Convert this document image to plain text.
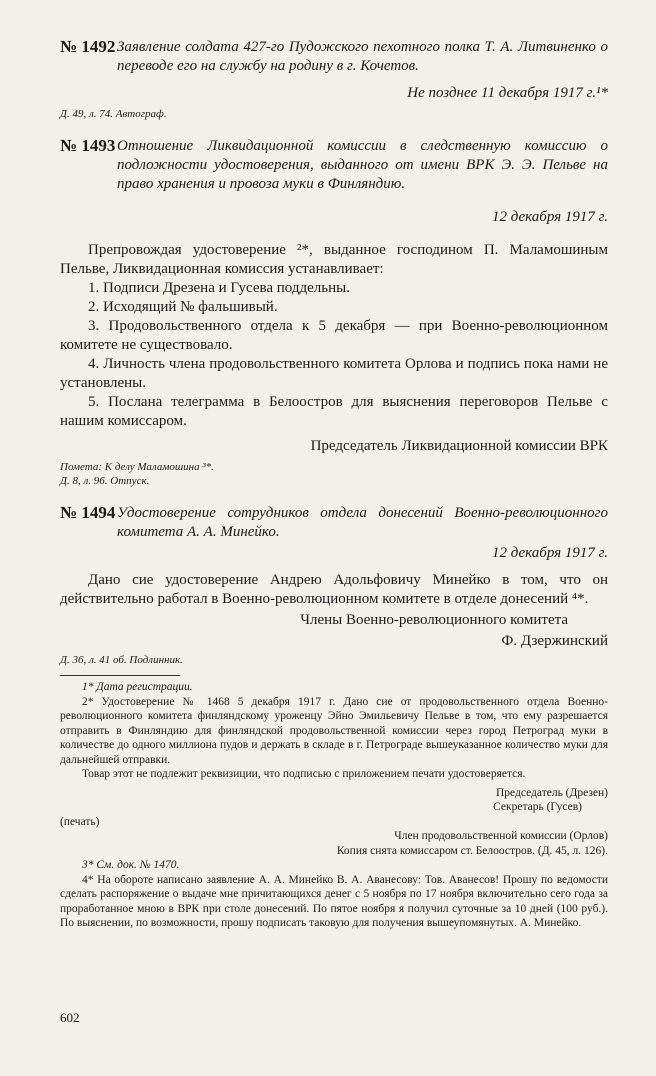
№ 1492 Заявление солдата 427-го Пудожского пехотного полка Т. А. Литвиненко о переводе его на службу на родину в г. Кочетов.

Не позднее 11 декабря 1917 г.¹*

Д. 49, л. 74. Автограф.

№ 1493 Отношение Ликвидационной комиссии в следственную комиссию о подложности удостоверения, выданного от имени ВРК Э. Э. Пельве на право хранения и провоза муки в Финляндию.

12 декабря 1917 г.

Препровождая удостоверение ²*, выданное господином П. Маламошиным Пельве, Ликвидационная комиссия устанавливает:

1. Подписи Дрезена и Гусева поддельны.
2. Исходящий № фальшивый.
3. Продовольственного отдела к 5 декабря — при Военно-революционном комитете не существовало.
4. Личность члена продовольственного комитета Орлова и подпись пока нами не установлены.
5. Послана телеграмма в Белоостров для выяснения переговоров Пельве с нашим комиссаром.

Председатель Ликвидационной комиссии ВРК

Помета: К делу Маламошина ³*.

Д. 8, л. 96. Отпуск.

№ 1494 Удостоверение сотрудников отдела донесений Военно-революционного комитета А. А. Минейко.

12 декабря 1917 г.

Дано сие удостоверение Андрею Адольфовичу Минейко в том, что он действительно работал в Военно-революционном комитете в отделе донесений ⁴*.

Члены Военно-революционного комитета

Ф. Дзержинский

Д. 36, л. 41 об. Подлинник.

1* Дата регистрации.

2* Удостоверение № 1468 5 декабря 1917 г. Дано сие от продовольственного отдела Военно-революционного комитета финляндскому уроженцу Эйно Эмильевичу Пельве в том, что ему разрешается отправить в Финляндию для финляндской продовольственной комиссии через город Петроград муки в количестве до одного миллиона пудов и держать в складе в г. Петрограде вышеуказанное количество муки для дальнейшей отправки.

Товар этот не подлежит реквизиции, что подписью с приложением печати удостоверяется.

Председатель (Дрезен)

Секретарь (Гусев)

(печать)

Член продовольственной комиссии (Орлов)

Копия снята комиссаром ст. Белоостров. (Д. 45, л. 126).

3* См. док. № 1470.

4* На обороте написано заявление А. А. Минейко В. А. Аванесову: Тов. Аванесов! Прошу по ведомости сделать распоряжение о выдаче мне причитающихся денег с 5 ноября по 17 ноября включительно сего года за проработанное мною в ВРК при столе донесений. По пятое ноября я получил суточные за 10 дней (100 руб.). По выяснении, по возможности, прошу подписать таковую для получения вышеупомянутых. А. Минейко.

602
